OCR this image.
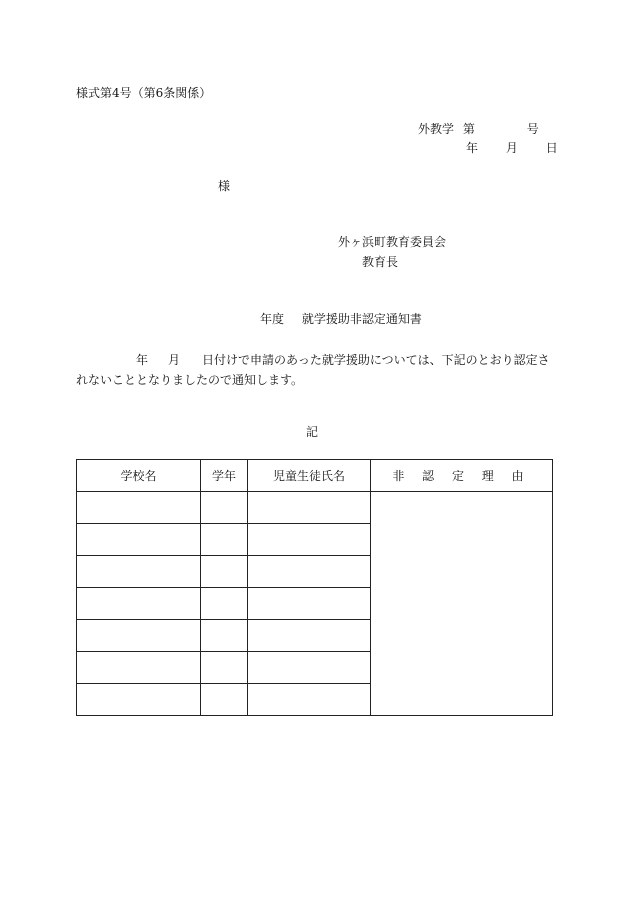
様式第4号（第6条関係）
外教学 第	号
年 月 日
様
外ヶ浜町教育委員会
教育長
年度 就学援助非認定通知書
年 月 日付けで申請のあった就学援助については、下記のとおり認定されないこととなりましたので通知します。
記
学校名	学年	児童生徒氏名	非 認 定 理 由
